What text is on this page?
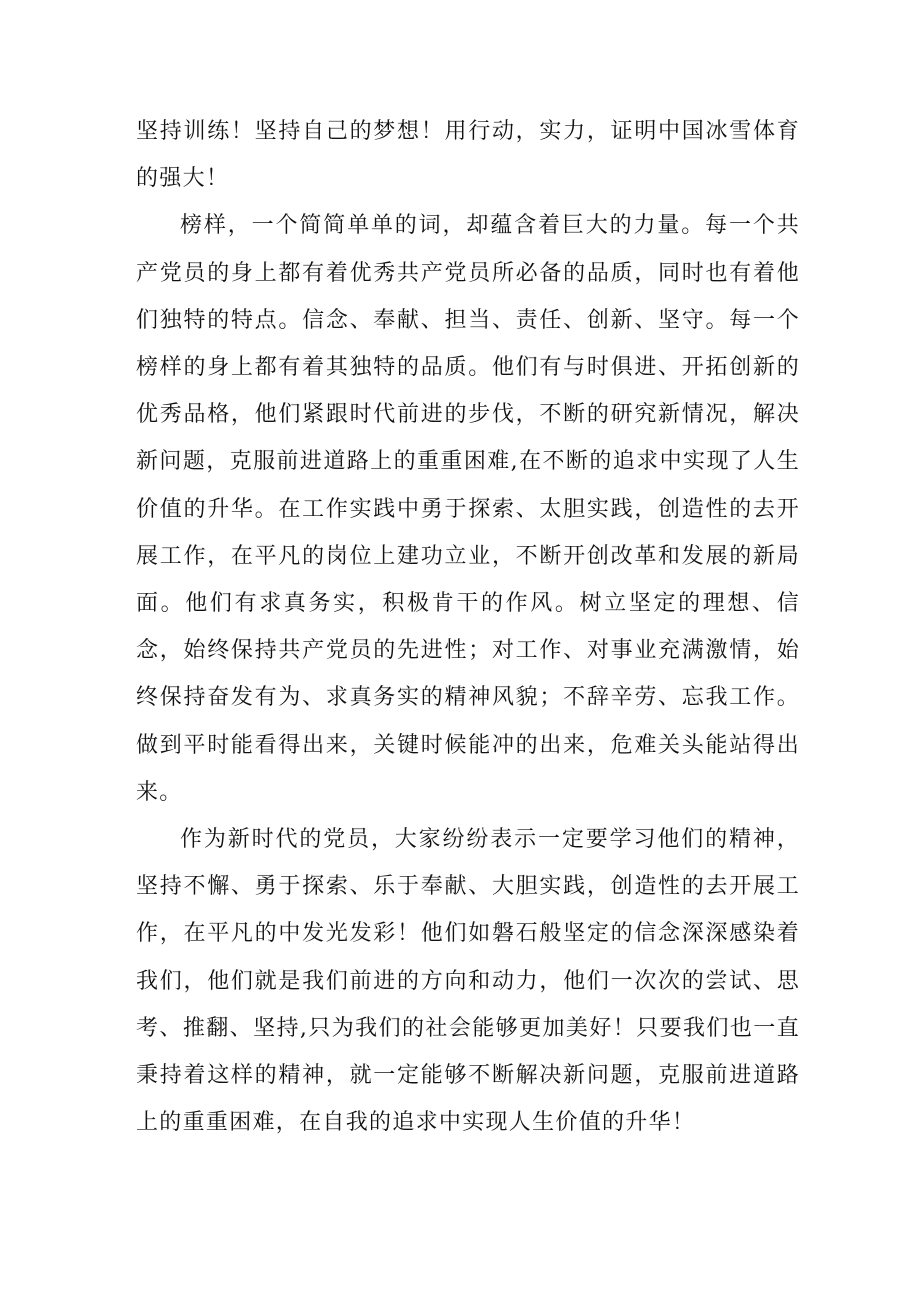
坚持训练！坚持自己的梦想！用行动，实力，证明中国冰雪体育的强大！

榜样，一个简简单单的词，却蕴含着巨大的力量。每一个共产党员的身上都有着优秀共产党员所必备的品质，同时也有着他们独特的特点。信念、奉献、担当、责任、创新、坚守。每一个榜样的身上都有着其独特的品质。他们有与时俱进、开拓创新的优秀品格，他们紧跟时代前进的步伐，不断的研究新情况，解决新问题，克服前进道路上的重重困难,在不断的追求中实现了人生价值的升华。在工作实践中勇于探索、太胆实践，创造性的去开展工作，在平凡的岗位上建功立业，不断开创改革和发展的新局面。他们有求真务实，积极肯干的作风。树立坚定的理想、信念，始终保持共产党员的先进性；对工作、对事业充满激情，始终保持奋发有为、求真务实的精神风貌；不辞辛劳、忘我工作。做到平时能看得出来，关键时候能冲的出来，危难关头能站得出来。

作为新时代的党员，大家纷纷表示一定要学习他们的精神，坚持不懈、勇于探索、乐于奉献、大胆实践，创造性的去开展工作，在平凡的中发光发彩！他们如磐石般坚定的信念深深感染着我们，他们就是我们前进的方向和动力，他们一次次的尝试、思考、推翻、坚持,只为我们的社会能够更加美好！只要我们也一直秉持着这样的精神，就一定能够不断解决新问题，克服前进道路上的重重困难，在自我的追求中实现人生价值的升华！
